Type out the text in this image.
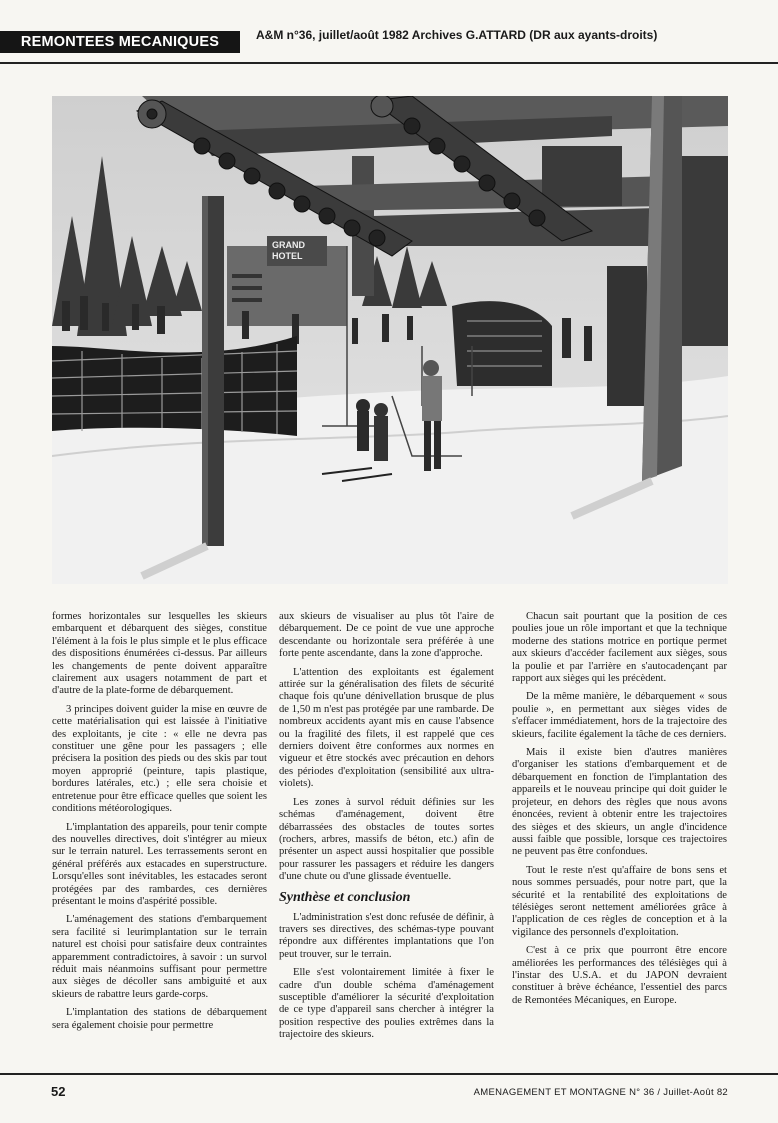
REMONTEES MECANIQUES	A&M n°36, juillet/août 1982 Archives G.ATTARD (DR aux ayants-droits)
GRAND
HOTEL

formes horizontales sur lesquelles les skieurs embarquent et débarquent des sièges, constitue l'élément à la fois le plus simple et le plus efficace des dispositions énumérées ci-dessus. Par ailleurs les changements de pente doivent apparaître clairement aux usagers notamment de part et d'autre de la plate-forme de débarquement.

3 principes doivent guider la mise en œuvre de cette matérialisation qui est laissée à l'initiative des exploitants, je cite : « elle ne devra pas constituer une gêne pour les passagers ; elle précisera la position des pieds ou des skis par tout moyen approprié (peinture, tapis plastique, bordures latérales, etc.) ; elle sera choisie et entretenue pour être efficace quelles que soient les conditions météorologiques.

L'implantation des appareils, pour tenir compte des nouvelles directives, doit s'intégrer au mieux sur le terrain naturel. Les terrassements seront en général préférés aux estacades en superstructure. Lorsqu'elles sont inévitables, les estacades seront protégées par des rambardes, ces dernières présentant le moins d'aspérité possible.

L'aménagement des stations d'embarquement sera facilité si leurimplantation sur le terrain naturel est choisi pour satisfaire deux contraintes apparemment contradictoires, à savoir : un survol réduit mais néanmoins suffisant pour permettre aux sièges de décoller sans ambiguité et aux skieurs de rabattre leurs garde-corps.

L'implantation des stations de débarquement sera également choisie pour permettre

aux skieurs de visualiser au plus tôt l'aire de débarquement. De ce point de vue une approche descendante ou horizontale sera préférée à une forte pente ascendante, dans la zone d'approche.

L'attention des exploitants est également attirée sur la généralisation des filets de sécurité chaque fois qu'une dénivellation brusque de plus de 1,50 m n'est pas protégée par une rambarde. De nombreux accidents ayant mis en cause l'absence ou la fragilité des filets, il est rappelé que ces derniers doivent être conformes aux normes en vigueur et être stockés avec précaution en dehors des périodes d'exploitation (sensibilité aux ultra-violets).

Les zones à survol réduit définies sur les schémas d'aménagement, doivent être débarrassées des obstacles de toutes sortes (rochers, arbres, massifs de béton, etc.) afin de présenter un aspect aussi hospitalier que possible pour rassurer les passagers et réduire les dangers d'une chute ou d'une glissade éventuelle.

Synthèse et conclusion

L'administration s'est donc refusée de définir, à travers ses directives, des schémas-type pouvant répondre aux différentes implantations que l'on peut trouver, sur le terrain.

Elle s'est volontairement limitée à fixer le cadre d'un double schéma d'aménagement susceptible d'améliorer la sécurité d'exploitation de ce type d'appareil sans chercher à intégrer la position respective des poulies extrêmes dans la trajectoire des skieurs.

Chacun sait pourtant que la position de ces poulies joue un rôle important et que la technique moderne des stations motrice en portique permet aux skieurs d'accéder facilement aux sièges, sous la poulie et par l'arrière en s'autocadençant par rapport aux sièges qui les précèdent.

De la même manière, le débarquement « sous poulie », en permettant aux sièges vides de s'effacer immédiatement, hors de la trajectoire des skieurs, facilite également la tâche de ces derniers.

Mais il existe bien d'autres manières d'organiser les stations d'embarquement et de débarquement en fonction de l'implantation des appareils et le nouveau principe qui doit guider le projeteur, en dehors des règles que nous avons énoncées, revient à obtenir entre les trajectoires des sièges et des skieurs, un angle d'incidence aussi faible que possible, lorsque ces trajectoires ne peuvent pas être confondues.

Tout le reste n'est qu'affaire de bons sens et nous sommes persuadés, pour notre part, que la sécurité et la rentabilité des exploitations de télésièges seront nettement améliorées grâce à l'application de ces règles de conception et à la vigilance des personnels d'exploitation.

C'est à ce prix que pourront être encore améliorées les performances des télésièges qui à l'instar des U.S.A. et du JAPON devraient constituer à brève échéance, l'essentiel des parcs de Remontées Mécaniques, en Europe.

52	AMENAGEMENT ET MONTAGNE N° 36 / Juillet-Août 82
